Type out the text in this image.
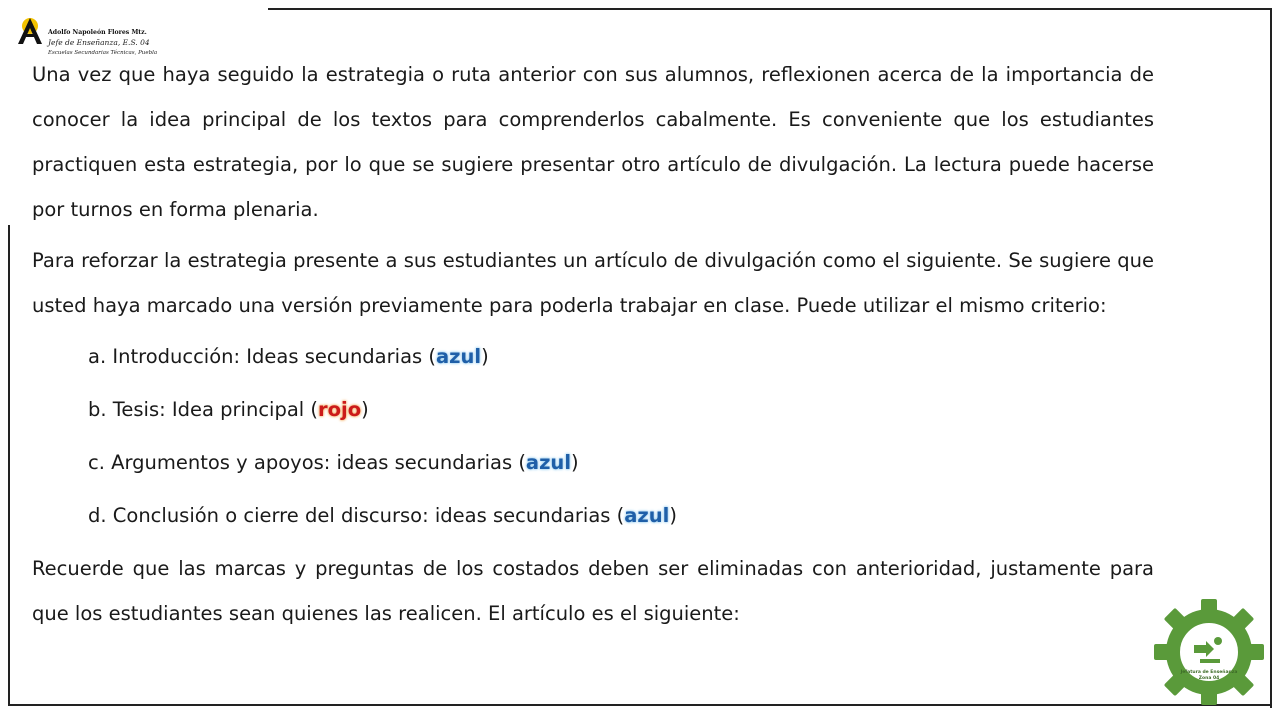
Adolfo Napoleón Flores Mtz.
Jefe de Enseñanza, E.S. 04
Escuelas Secundarias Técnicas, Puebla

Una vez que haya seguido la estrategia o ruta anterior con sus alumnos, reflexionen acerca de la importancia de conocer la idea principal de los textos para comprenderlos cabalmente. Es conveniente que los estudiantes practiquen esta estrategia, por lo que se sugiere presentar otro artículo de divulgación. La lectura puede hacerse por turnos en forma plenaria.

Para reforzar la estrategia presente a sus estudiantes un artículo de divulgación como el siguiente. Se sugiere que usted haya marcado una versión previamente para poderla trabajar en clase. Puede utilizar el mismo criterio:

a. Introducción: Ideas secundarias (azul)
b. Tesis: Idea principal (rojo)
c. Argumentos y apoyos: ideas secundarias (azul)
d. Conclusión o cierre del discurso: ideas secundarias (azul)

Recuerde que las marcas y preguntas de los costados deben ser eliminadas con anterioridad, justamente para que los estudiantes sean quienes las realicen. El artículo es el siguiente:

DST
Jefatura de Enseñanza
Zona 04
